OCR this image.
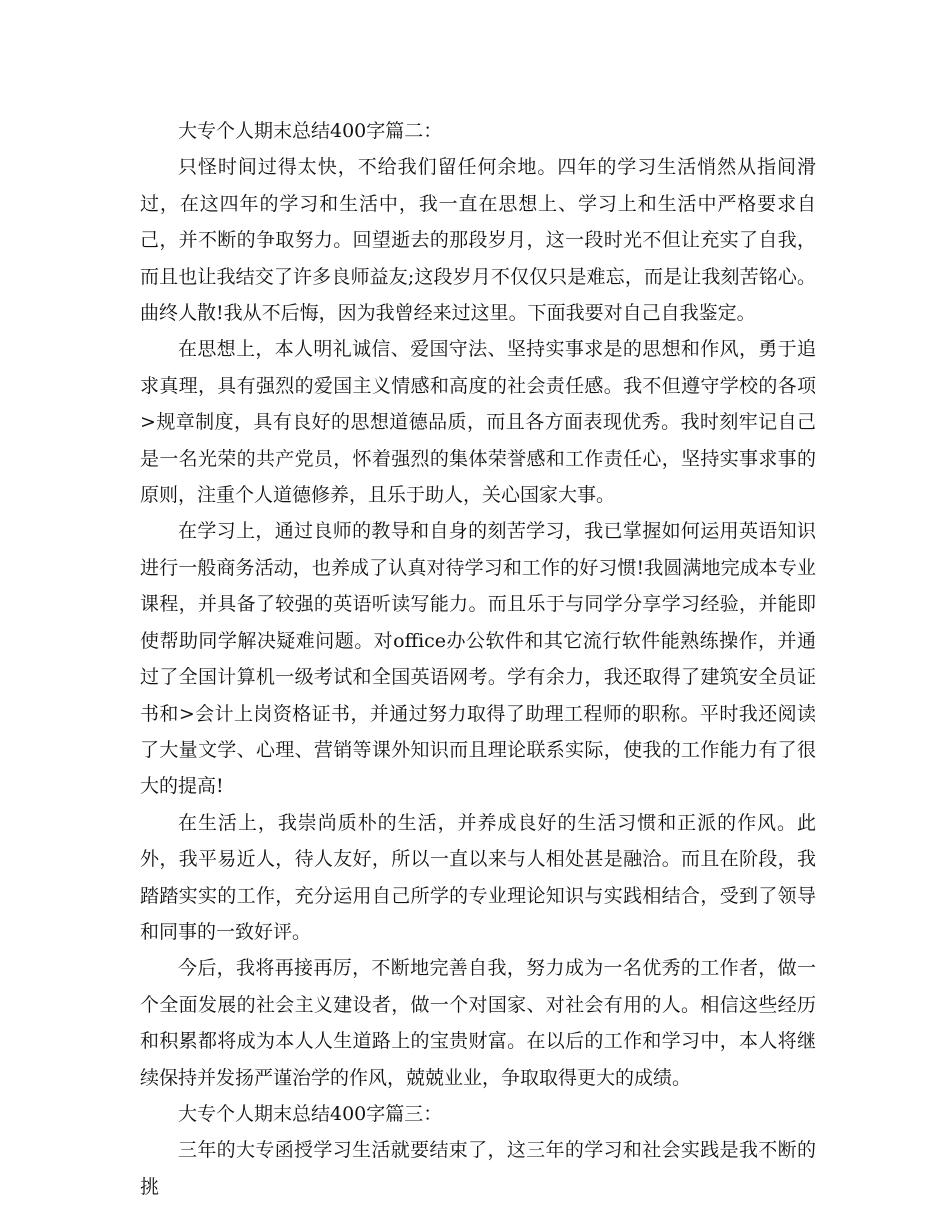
大专个人期末总结400字篇二：

只怪时间过得太快，不给我们留任何余地。四年的学习生活悄然从指间滑过，在这四年的学习和生活中，我一直在思想上、学习上和生活中严格要求自己，并不断的争取努力。回望逝去的那段岁月，这一段时光不但让充实了自我，而且也让我结交了许多良师益友;这段岁月不仅仅只是难忘，而是让我刻苦铭心。曲终人散!我从不后悔，因为我曾经来过这里。下面我要对自己自我鉴定。

在思想上，本人明礼诚信、爱国守法、坚持实事求是的思想和作风，勇于追求真理，具有强烈的爱国主义情感和高度的社会责任感。我不但遵守学校的各项>规章制度，具有良好的思想道德品质，而且各方面表现优秀。我时刻牢记自己是一名光荣的共产党员，怀着强烈的集体荣誉感和工作责任心，坚持实事求事的原则，注重个人道德修养，且乐于助人，关心国家大事。

在学习上，通过良师的教导和自身的刻苦学习，我已掌握如何运用英语知识进行一般商务活动，也养成了认真对待学习和工作的好习惯!我圆满地完成本专业课程，并具备了较强的英语听读写能力。而且乐于与同学分享学习经验，并能即使帮助同学解决疑难问题。对office办公软件和其它流行软件能熟练操作，并通过了全国计算机一级考试和全国英语网考。学有余力，我还取得了建筑安全员证书和>会计上岗资格证书，并通过努力取得了助理工程师的职称。平时我还阅读了大量文学、心理、营销等课外知识而且理论联系实际，使我的工作能力有了很大的提高!

在生活上，我崇尚质朴的生活，并养成良好的生活习惯和正派的作风。此外，我平易近人，待人友好，所以一直以来与人相处甚是融洽。而且在阶段，我踏踏实实的工作，充分运用自己所学的专业理论知识与实践相结合，受到了领导和同事的一致好评。

今后，我将再接再厉，不断地完善自我，努力成为一名优秀的工作者，做一个全面发展的社会主义建设者，做一个对国家、对社会有用的人。相信这些经历和积累都将成为本人人生道路上的宝贵财富。在以后的工作和学习中，本人将继续保持并发扬严谨治学的作风，兢兢业业，争取取得更大的成绩。

大专个人期末总结400字篇三：

三年的大专函授学习生活就要结束了，这三年的学习和社会实践是我不断的挑
